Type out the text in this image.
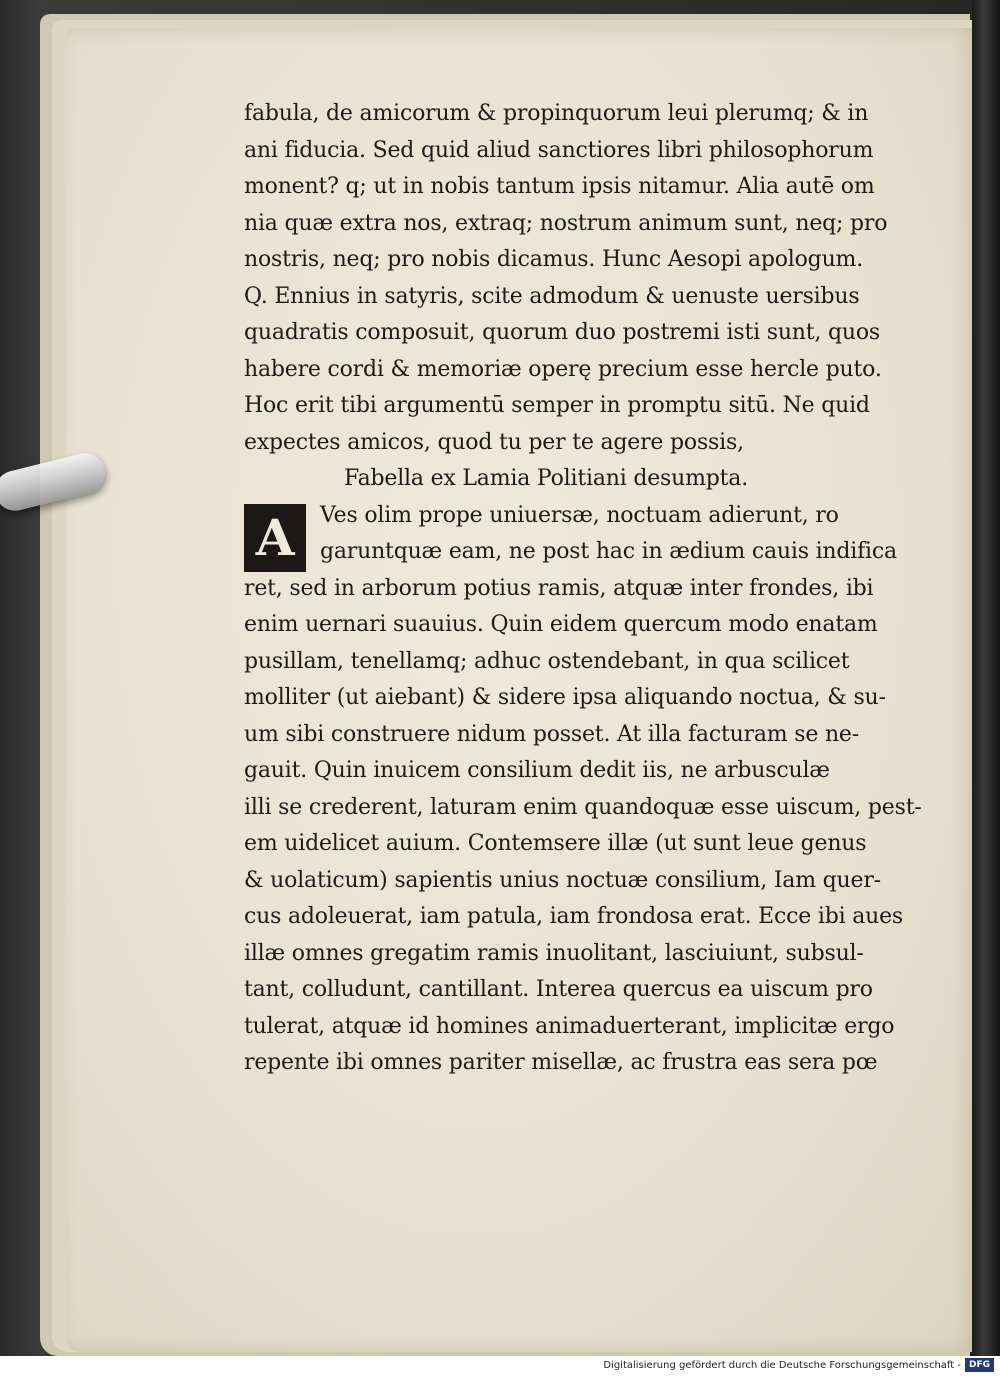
fabula, de amicorum & propinquorum leui plerumq; & in
ani fiducia. Sed quid aliud sanctiores libri philosophorum
monent? q; ut in nobis tantum ipsis nitamur. Alia autē om
nia quæ extra nos, extraq; nostrum animum sunt, neq; pro
nostris, neq; pro nobis dicamus. Hunc Aesopi apologum.
Q. Ennius in satyris, scite admodum & uenuste uersibus
quadratis composuit, quorum duo postremi isti sunt, quos
habere cordi & memoriæ operę precium esse hercle puto.
Hoc erit tibi argumentū semper in promptu sitū. Ne quid
expectes amicos, quod tu per te agere possis,
Fabella ex Lamia Politiani desumpta.
A	Ves olim prope uniuersæ, noctuam adierunt, ro
garuntquæ eam, ne post hac in ædium cauis indifica
ret, sed in arborum potius ramis, atquæ inter frondes, ibi
enim uernari suauius. Quin eidem quercum modo enatam
pusillam, tenellamq; adhuc ostendebant, in qua scilicet
molliter (ut aiebant) & sidere ipsa aliquando noctua, & su-
um sibi construere nidum posset. At illa facturam se ne-
gauit. Quin inuicem consilium dedit iis, ne arbusculæ
illi se crederent, laturam enim quandoquæ esse uiscum, pest-
em uidelicet auium. Contemsere illæ (ut sunt leue genus
& uolaticum) sapientis unius noctuæ consilium, Iam quer-
cus adoleuerat, iam patula, iam frondosa erat. Ecce ibi aues
illæ omnes gregatim ramis inuolitant, lasciuiunt, subsul-
tant, colludunt, cantillant. Interea quercus ea uiscum pro
tulerat, atquæ id homines animaduerterant, implicitæ ergo
repente ibi omnes pariter misellæ, ac frustra eas sera pœ
Digitalisierung gefördert durch die Deutsche Forschungsgemeinschaft - DFG
